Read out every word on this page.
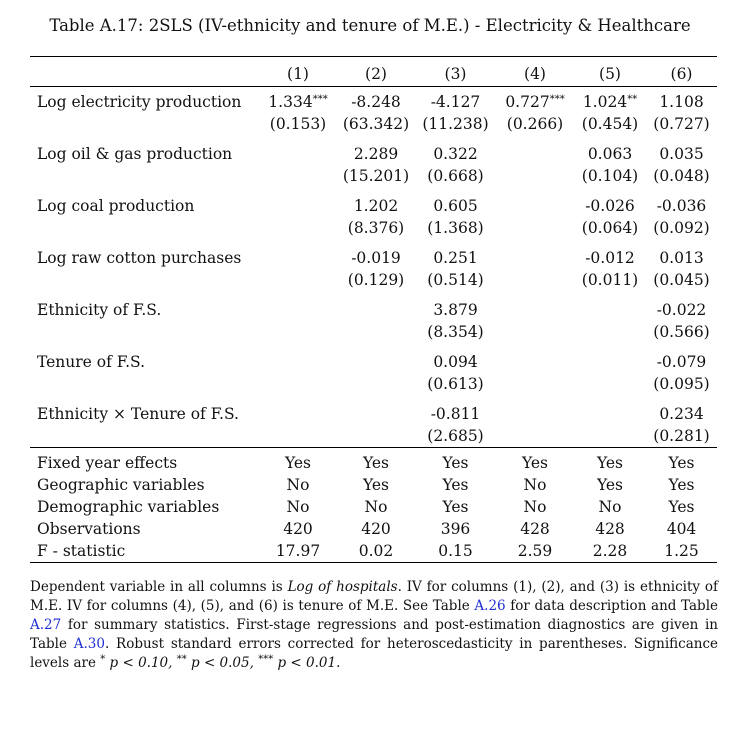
Table A.17: 2SLS (IV-ethnicity and tenure of M.E.) - Electricity & Healthcare

	(1)	(2)	(3)	(4)	(5)	(6)

Log electricity production	1.334***	-8.248	-4.127	0.727***	1.024**	1.108
	(0.153)	(63.342)	(11.238)	(0.266)	(0.454)	(0.727)

Log oil & gas production		2.289	0.322		0.063	0.035
		(15.201)	(0.668)		(0.104)	(0.048)

Log coal production		1.202	0.605		-0.026	-0.036
		(8.376)	(1.368)		(0.064)	(0.092)

Log raw cotton purchases		-0.019	0.251		-0.012	0.013
		(0.129)	(0.514)		(0.011)	(0.045)

Ethnicity of F.S.			3.879			-0.022
			(8.354)			(0.566)

Tenure of F.S.			0.094			-0.079
			(0.613)			(0.095)

Ethnicity × Tenure of F.S.			-0.811			0.234
			(2.685)			(0.281)

Fixed year effects	Yes	Yes	Yes	Yes	Yes	Yes
Geographic variables	No	Yes	Yes	No	Yes	Yes
Demographic variables	No	No	Yes	No	No	Yes
Observations	420	420	396	428	428	404
F - statistic	17.97	0.02	0.15	2.59	2.28	1.25

Dependent variable in all columns is Log of hospitals. IV for columns (1), (2), and (3) is ethnicity of M.E. IV for columns (4), (5), and (6) is tenure of M.E. See Table A.26 for data description and Table A.27 for summary statistics. First-stage regressions and post-estimation diagnostics are given in Table A.30. Robust standard errors corrected for heteroscedasticity in parentheses. Significance levels are * p < 0.10, ** p < 0.05, *** p < 0.01.
